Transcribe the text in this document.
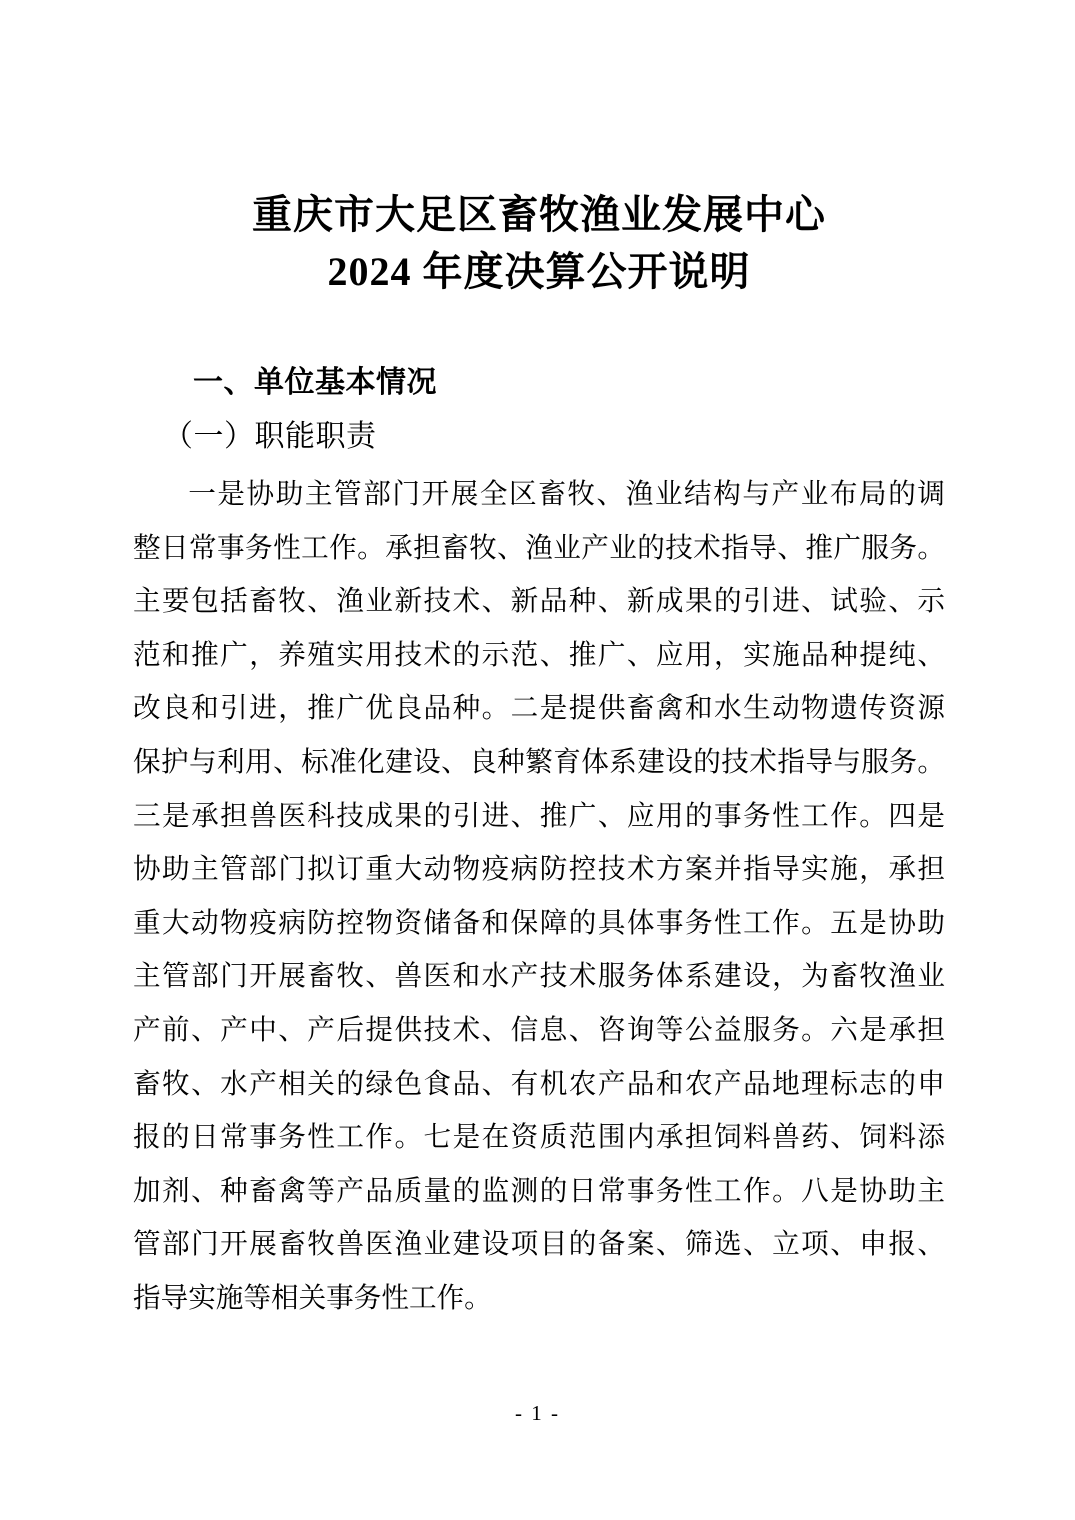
重庆市大足区畜牧渔业发展中心
2024 年度决算公开说明
一、单位基本情况
（一）职能职责
一是协助主管部门开展全区畜牧、渔业结构与产业布局的调
整日常事务性工作。承担畜牧、渔业产业的技术指导、推广服务。
主要包括畜牧、渔业新技术、新品种、新成果的引进、试验、示
范和推广，养殖实用技术的示范、推广、应用，实施品种提纯、
改良和引进，推广优良品种。二是提供畜禽和水生动物遗传资源
保护与利用、标准化建设、良种繁育体系建设的技术指导与服务。
三是承担兽医科技成果的引进、推广、应用的事务性工作。四是
协助主管部门拟订重大动物疫病防控技术方案并指导实施，承担
重大动物疫病防控物资储备和保障的具体事务性工作。五是协助
主管部门开展畜牧、兽医和水产技术服务体系建设，为畜牧渔业
产前、产中、产后提供技术、信息、咨询等公益服务。六是承担
畜牧、水产相关的绿色食品、有机农产品和农产品地理标志的申
报的日常事务性工作。七是在资质范围内承担饲料兽药、饲料添
加剂、种畜禽等产品质量的监测的日常事务性工作。八是协助主
管部门开展畜牧兽医渔业建设项目的备案、筛选、立项、申报、
指导实施等相关事务性工作。
- 1 -
